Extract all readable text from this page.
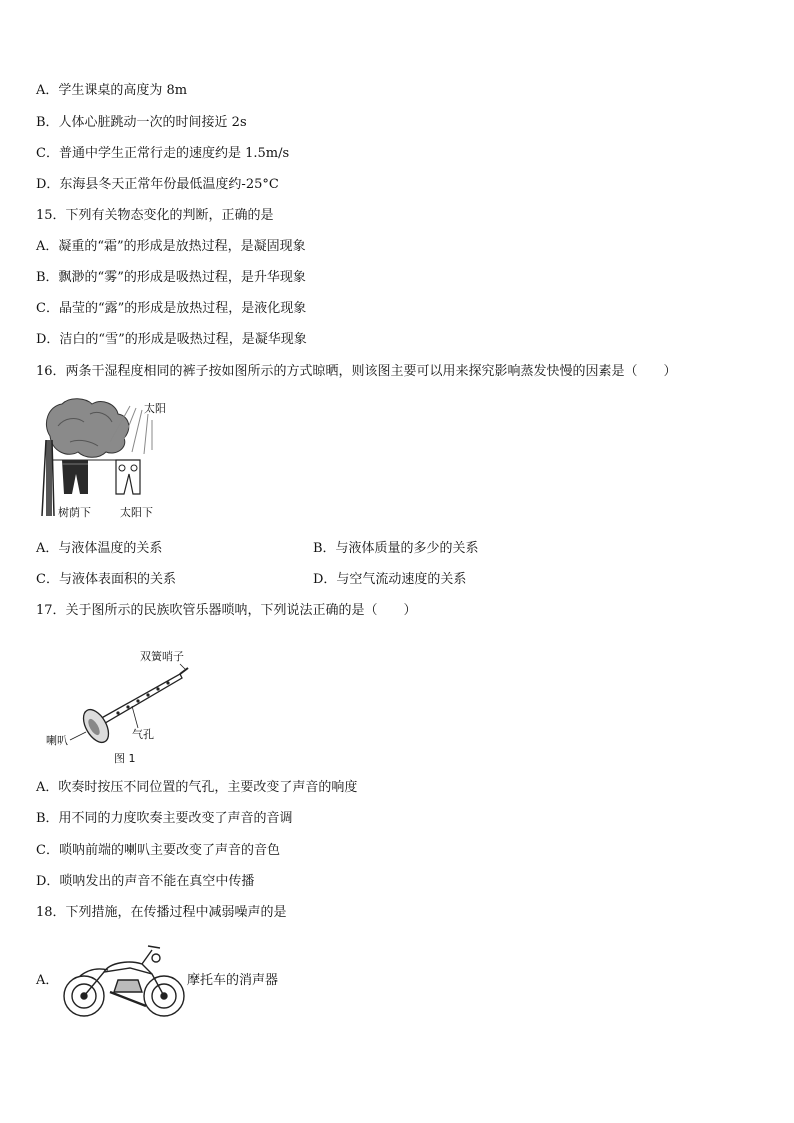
A．学生课桌的高度为 8m
B．人体心脏跳动一次的时间接近 2s
C．普通中学生正常行走的速度约是 1.5m/s
D．东海县冬天正常年份最低温度约-25°C
15．下列有关物态变化的判断，正确的是
A．凝重的“霜”的形成是放热过程，是凝固现象
B．飘渺的“雾”的形成是吸热过程，是升华现象
C．晶莹的“露”的形成是放热过程，是液化现象
D．洁白的“雪”的形成是吸热过程，是凝华现象
16．两条干湿程度相同的裤子按如图所示的方式晾晒，则该图主要可以用来探究影响蒸发快慢的因素是（　　）
太阳
树荫下	太阳下
A．与液体温度的关系	B．与液体质量的多少的关系
C．与液体表面积的关系	D．与空气流动速度的关系
17．关于图所示的民族吹管乐器唢呐，下列说法正确的是（　　）
双簧哨子
喇叭	气孔
图 1
A．吹奏时按压不同位置的气孔，主要改变了声音的响度
B．用不同的力度吹奏主要改变了声音的音调
C．唢呐前端的喇叭主要改变了声音的音色
D．唢呐发出的声音不能在真空中传播
18．下列措施，在传播过程中减弱噪声的是
A．	摩托车的消声器
